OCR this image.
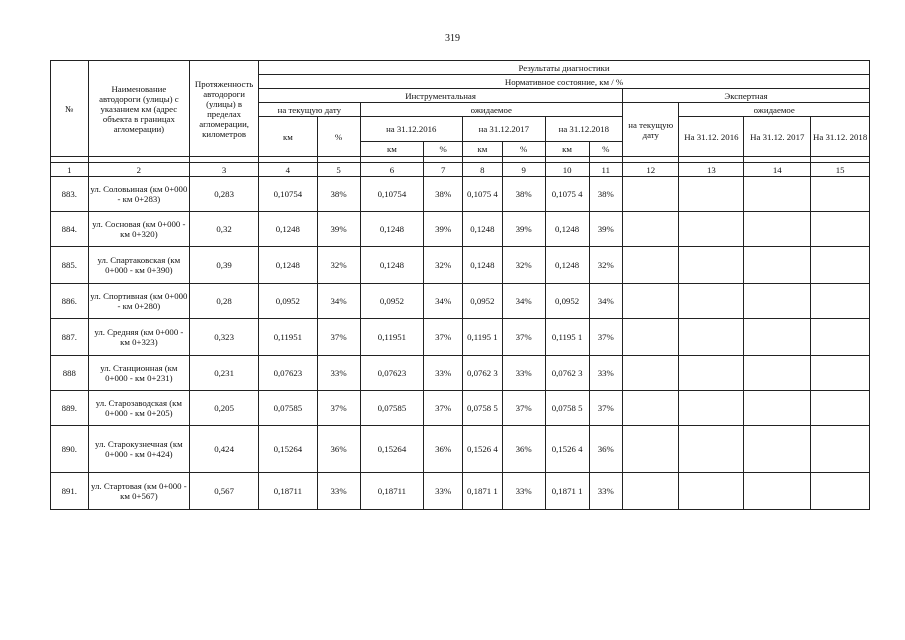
319
№	Наименование автодороги (улицы) с указанием км (адрес объекта в границах агломерации)	Протяженность автодороги (улицы) в пределах агломерации, километров	Результаты диагностики											
			Нормативное состояние, км / %											
			Инструментальная								Экспертная			
			на текущую дату		ожидаемое						на текущую дату	ожидаемое		
			км	%	на 31.12.2016		на 31.12.2017		на 31.12.2018			На 31.12. 2016	На 31.12. 2017	На 31.12. 2018
					км	%	км	%	км	%				

1	2	3	4	5	6	7	8	9	10	11	12	13	14	15
883.	ул. Соловьиная (км 0+000 - км 0+283)	0,283	0,10754	38%	0,10754	38%	0,1075 4	38%	0,1075 4	38%				
884.	ул. Сосновая (км 0+000 - км 0+320)	0,32	0,1248	39%	0,1248	39%	0,1248	39%	0,1248	39%				
885.	ул. Спартаковская (км 0+000 - км 0+390)	0,39	0,1248	32%	0,1248	32%	0,1248	32%	0,1248	32%				
886.	ул. Спортивная (км 0+000 - км 0+280)	0,28	0,0952	34%	0,0952	34%	0,0952	34%	0,0952	34%				
887.	ул. Средняя (км 0+000 - км 0+323)	0,323	0,11951	37%	0,11951	37%	0,1195 1	37%	0,1195 1	37%				
888	ул. Станционная (км 0+000 - км 0+231)	0,231	0,07623	33%	0,07623	33%	0,0762 3	33%	0,0762 3	33%				
889.	ул. Старозаводская (км 0+000 - км 0+205)	0,205	0,07585	37%	0,07585	37%	0,0758 5	37%	0,0758 5	37%				
890.	ул. Старокузнечная (км 0+000 - км 0+424)	0,424	0,15264	36%	0,15264	36%	0,1526 4	36%	0,1526 4	36%				
891.	ул. Стартовая (км 0+000 - км 0+567)	0,567	0,18711	33%	0,18711	33%	0,1871 1	33%	0,1871 1	33%				
